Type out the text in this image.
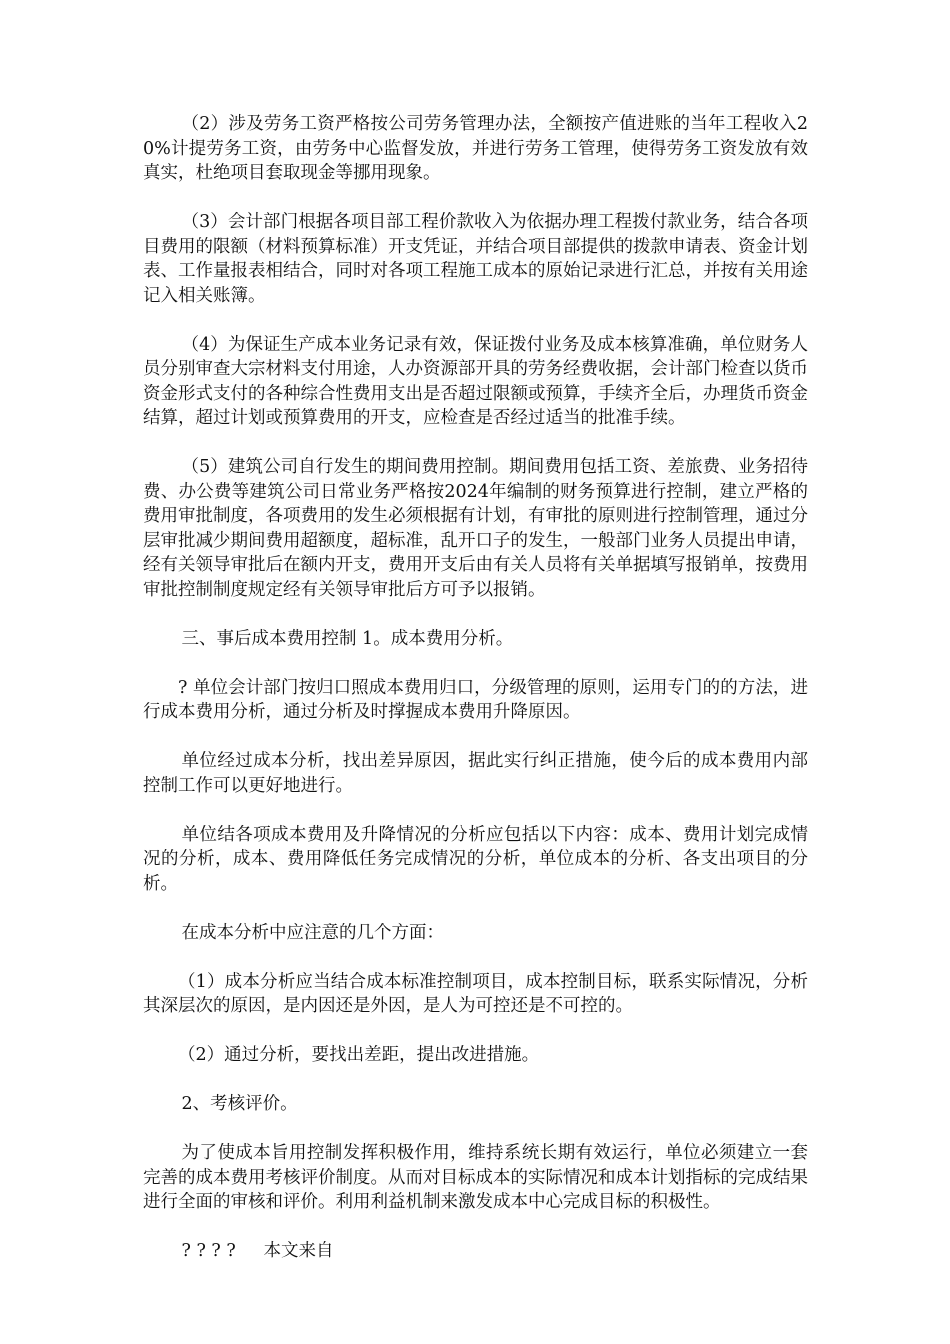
（2）涉及劳务工资严格按公司劳务管理办法，全额按产值进账的当年工程收入20%计提劳务工资，由劳务中心监督发放，并进行劳务工管理，使得劳务工资发放有效真实，杜绝项目套取现金等挪用现象。

（3）会计部门根据各项目部工程价款收入为依据办理工程拨付款业务，结合各项目费用的限额（材料预算标准）开支凭证，并结合项目部提供的拨款申请表、资金计划表、工作量报表相结合，同时对各项工程施工成本的原始记录进行汇总，并按有关用途记入相关账簿。

（4）为保证生产成本业务记录有效，保证拨付业务及成本核算准确，单位财务人员分别审查大宗材料支付用途，人办资源部开具的劳务经费收据，会计部门检查以货币资金形式支付的各种综合性费用支出是否超过限额或预算，手续齐全后，办理货币资金结算，超过计划或预算费用的开支，应检查是否经过适当的批准手续。

（5）建筑公司自行发生的期间费用控制。期间费用包括工资、差旅费、业务招待费、办公费等建筑公司日常业务严格按2024年编制的财务预算进行控制，建立严格的费用审批制度，各项费用的发生必须根据有计划，有审批的原则进行控制管理，通过分层审批减少期间费用超额度，超标准，乱开口子的发生，一般部门业务人员提出申请，经有关领导审批后在额内开支，费用开支后由有关人员将有关单据填写报销单，按费用审批控制制度规定经有关领导审批后方可予以报销。

三、事后成本费用控制 1。成本费用分析。

? 单位会计部门按归口照成本费用归口，分级管理的原则，运用专门的的方法，进行成本费用分析，通过分析及时撑握成本费用升降原因。

单位经过成本分析，找出差异原因，据此实行纠正措施，使今后的成本费用内部控制工作可以更好地进行。

单位结各项成本费用及升降情况的分析应包括以下内容：成本、费用计划完成情况的分析，成本、费用降低任务完成情况的分析，单位成本的分析、各支出项目的分析。

在成本分析中应注意的几个方面：

（1）成本分析应当结合成本标准控制项目，成本控制目标，联系实际情况，分析其深层次的原因，是内因还是外因，是人为可控还是不可控的。

（2）通过分析，要找出差距，提出改进措施。

2、考核评价。

为了使成本旨用控制发挥积极作用，维持系统长期有效运行，单位必须建立一套完善的成本费用考核评价制度。从而对目标成本的实际情况和成本计划指标的完成结果进行全面的审核和评价。利用利益机制来激发成本中心完成目标的积极性。

? ? ? ?     本文来自
